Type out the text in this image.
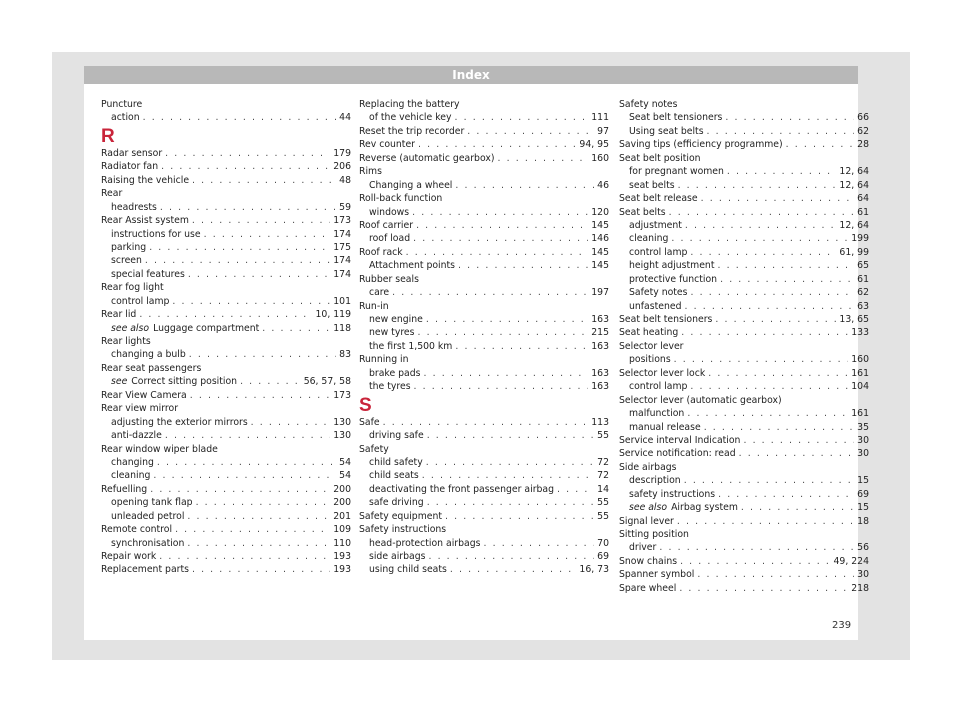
Index
Puncture
action . . .	44
R
Radar sensor . . .	179
Radiator fan . . .	206
Raising the vehicle . . .	48
Rear
headrests . . .	59
Rear Assist system . . .	173
instructions for use . . .	174
parking . . .	175
screen . . .	174
special features . . .	174
Rear fog light
control lamp . . .	101
Rear lid . . .	10, 119
see also Luggage compartment . . .	118
Rear lights
changing a bulb . . .	83
Rear seat passengers
see Correct sitting position . . .	56, 57, 58
Rear View Camera . . .	173
Rear view mirror
adjusting the exterior mirrors . . .	130
anti-dazzle . . .	130
Rear window wiper blade
changing . . .	54
cleaning . . .	54
Refuelling . . .	200
opening tank flap . . .	200
unleaded petrol . . .	201
Remote control . . .	109
synchronisation . . .	110
Repair work . . .	193
Replacement parts . . .	193
Replacing the battery
of the vehicle key . . .	111
Reset the trip recorder . . .	97
Rev counter . . .	94, 95
Reverse (automatic gearbox) . . .	160
Rims
Changing a wheel . . .	46
Roll-back function
windows . . .	120
Roof carrier . . .	145
roof load . . .	146
Roof rack . . .	145
Attachment points . . .	145
Rubber seals
care . . .	197
Run-in
new engine . . .	163
new tyres . . .	215
the first 1,500 km . . .	163
Running in
brake pads . . .	163
the tyres . . .	163
S
Safe . . .	113
driving safe . . .	55
Safety
child safety . . .	72
child seats . . .	72
deactivating the front passenger airbag . . .	14
safe driving . . .	55
Safety equipment . . .	55
Safety instructions
head-protection airbags . . .	70
side airbags . . .	69
using child seats . . .	16, 73
Safety notes
Seat belt tensioners . . .	66
Using seat belts . . .	62
Saving tips (efficiency programme) . . .	28
Seat belt position
for pregnant women . . .	12, 64
seat belts . . .	12, 64
Seat belt release . . .	64
Seat belts . . .	61
adjustment . . .	12, 64
cleaning . . .	199
control lamp . . .	61, 99
height adjustment . . .	65
protective function . . .	61
Safety notes . . .	62
unfastened . . .	63
Seat belt tensioners . . .	13, 65
Seat heating . . .	133
Selector lever
positions . . .	160
Selector lever lock . . .	161
control lamp . . .	104
Selector lever (automatic gearbox)
malfunction . . .	161
manual release . . .	35
Service interval Indication . . .	30
Service notification: read . . .	30
Side airbags
description . . .	15
safety instructions . . .	69
see also Airbag system . . .	15
Signal lever . . .	18
Sitting position
driver . . .	56
Snow chains . . .	49, 224
Spanner symbol . . .	30
Spare wheel . . .	218
239
